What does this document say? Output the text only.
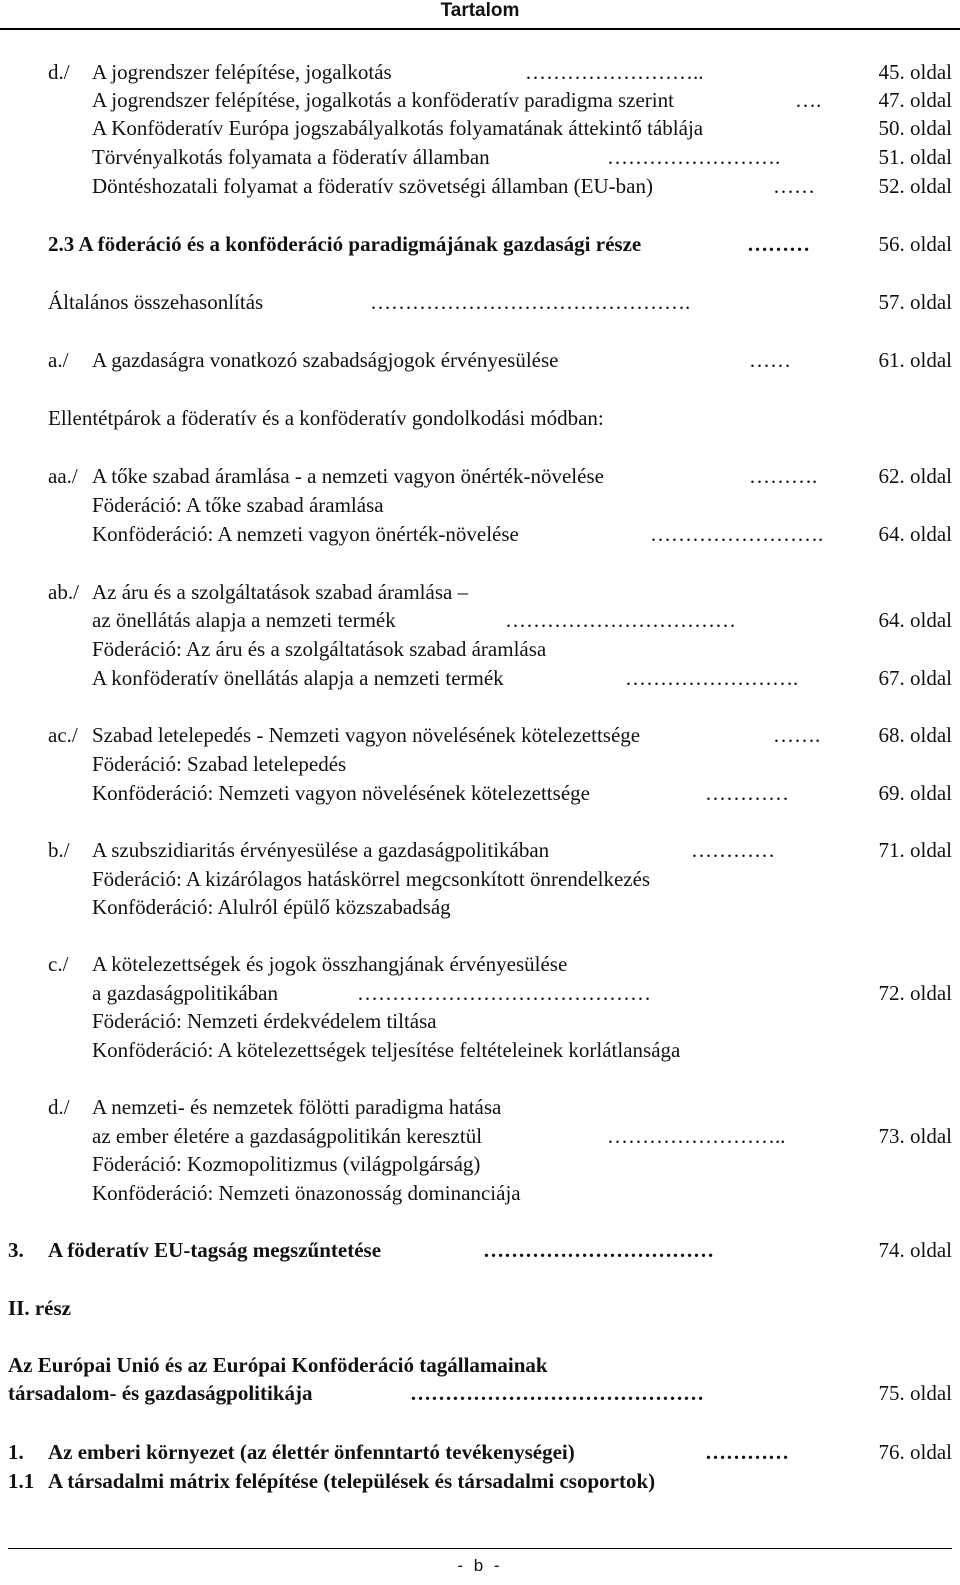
Tartalom
d./ A jogrendszer felépítése, jogalkotás	……………………..	45. oldal
A jogrendszer felépítése, jogalkotás a konföderatív paradigma szerint	….	47. oldal
A Konföderatív Európa jogszabályalkotás folyamatának áttekintő táblája	50. oldal
Törvényalkotás folyamata a föderatív államban	…………………….	51. oldal
Döntéshozatali folyamat a föderatív szövetségi államban (EU-ban)	……	52. oldal
2.3 A föderáció és a konföderáció paradigmájának gazdasági része	………	56. oldal
Általános összehasonlítás	……………………………………….	57. oldal
a./ A gazdaságra vonatkozó szabadságjogok érvényesülése	……	61. oldal
Ellentétpárok a föderatív és a konföderatív gondolkodási módban:
aa./ A tőke szabad áramlása - a nemzeti vagyon önérték-növelése	……….	62. oldal
Föderáció: A tőke szabad áramlása
Konföderáció: A nemzeti vagyon önérték-növelése	…………………….	64. oldal
ab./ Az áru és a szolgáltatások szabad áramlása –
az önellátás alapja a nemzeti termék	……………………………	64. oldal
Föderáció: Az áru és a szolgáltatások szabad áramlása
A konföderatív önellátás alapja a nemzeti termék	…………………….	67. oldal
ac./ Szabad letelepedés - Nemzeti vagyon növelésének kötelezettsége	…….	68. oldal
Föderáció: Szabad letelepedés
Konföderáció: Nemzeti vagyon növelésének kötelezettsége	…………	69. oldal
b./ A szubszidiaritás érvényesülése a gazdaságpolitikában	…………	71. oldal
Föderáció: A kizárólagos hatáskörrel megcsonkított önrendelkezés
Konföderáció: Alulról épülő közszabadság
c./ A kötelezettségek és jogok összhangjának érvényesülése
a gazdaságpolitikában	……………………………………	72. oldal
Föderáció: Nemzeti érdekvédelem tiltása
Konföderáció: A kötelezettségek teljesítése feltételeinek korlátlansága
d./ A nemzeti- és nemzetek fölötti paradigma hatása
az ember életére a gazdaságpolitikán keresztül	……………………..	73. oldal
Föderáció: Kozmopolitizmus (világpolgárság)
Konföderáció: Nemzeti önazonosság dominanciája
3. A föderatív EU-tagság megszűntetése	……………………………	74. oldal
II. rész
Az Európai Unió és az Európai Konföderáció tagállamainak
társadalom- és gazdaságpolitikája	……………………………………	75. oldal
1. Az emberi környezet (az élettér önfenntartó tevékenységei)	…………	76. oldal
1.1 A társadalmi mátrix felépítése (települések és társadalmi csoportok)
- b -
